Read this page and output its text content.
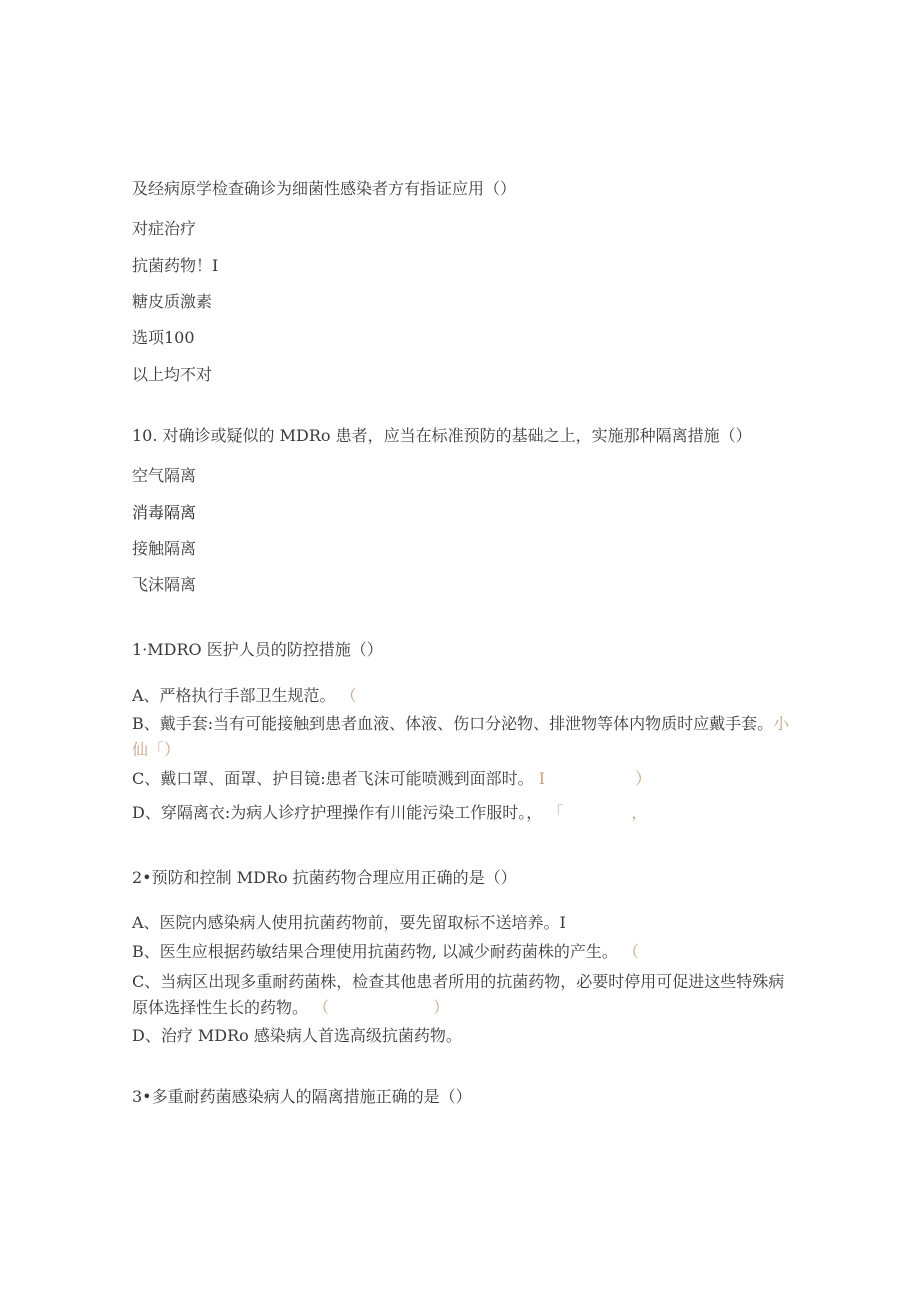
及经病原学检查确诊为细菌性感染者方有指证应用（）
对症治疗
抗菌药物！I
糖皮质激素
选项100
以上均不对
10. 对确诊或疑似的 MDRo 患者，应当在标准预防的基础之上，实施那种隔离措施（）
空气隔离
消毒隔离
接触隔离
飞沫隔离
1·MDRO 医护人员的防控措施（）
A、严格执行手部卫生规范。 （
B、戴手套:当有可能接触到患者血液、体液、伤口分泌物、排泄物等体内物质时应戴手套。小仙「）
C、戴口罩、面罩、护目镜:患者飞沫可能喷溅到面部时。 I	）
D、穿隔离衣:为病人诊疗护理操作有川能污染工作服时。， 「	，
2•预防和控制 MDRo 抗菌药物合理应用正确的是（）
A、医院内感染病人使用抗菌药物前，要先留取标不送培养。I
B、医生应根据药敏结果合理使用抗菌药物, 以减少耐药菌株的产生。 （
C、当病区出现多重耐药菌株，检查其他患者所用的抗菌药物，必要时停用可促进这些特殊病原体选择性生长的药物。 （	）
D、治疗 MDRo 感染病人首选高级抗菌药物。
3•多重耐药菌感染病人的隔离措施正确的是（）
